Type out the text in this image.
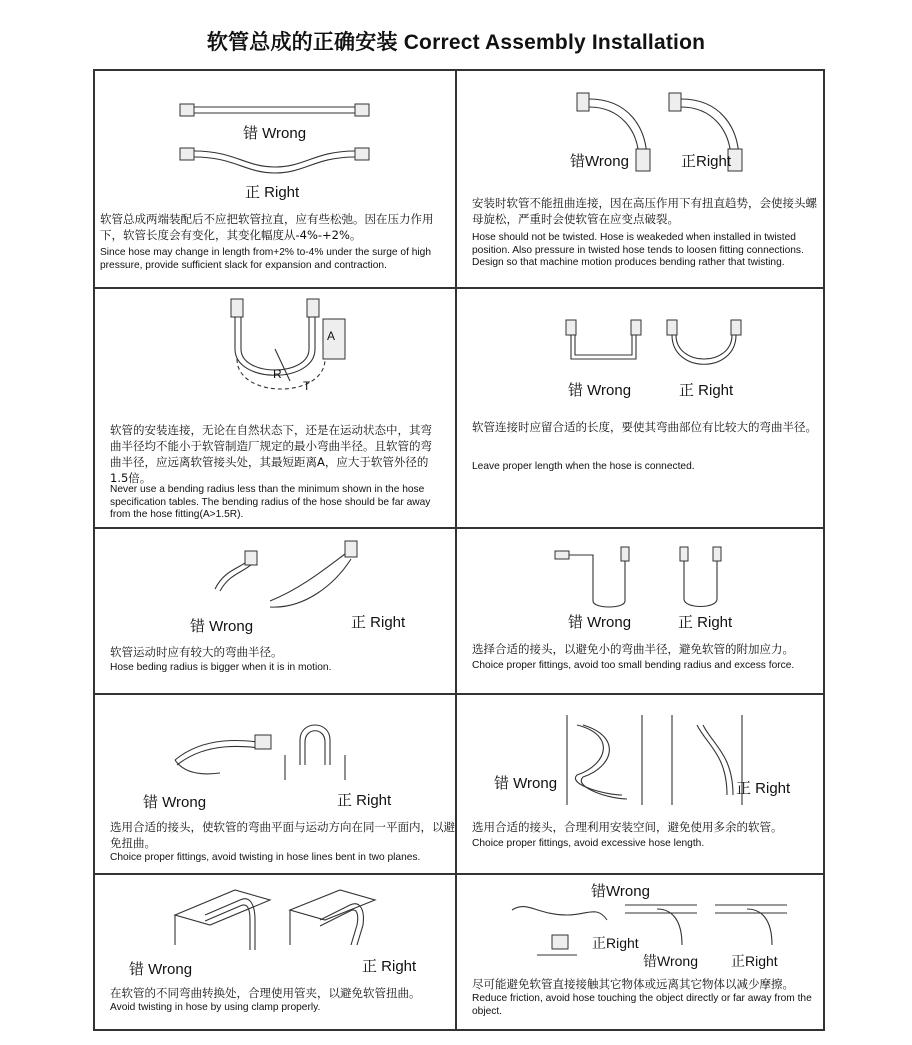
软管总成的正确安装 Correct Assembly Installation
错 Wrong
正 Right
软管总成两端装配后不应把软管拉直，应有些松弛。因在压力作用下，软管长度会有变化，其变化幅度从-4%-+2%。
Since hose may change in length from+2% to-4% under the surge of high pressure, provide sufficient slack for expansion and contraction.
错Wrong	正Right
安装时软管不能扭曲连接，因在高压作用下有扭直趋势，会使接头螺母旋松，严重时会使软管在应变点破裂。
Hose should not be twisted. Hose is weakeded when installed in twisted position. Also pressure in twisted hose tends to loosen fitting connections. Design so that machine motion produces bending rather that twisting.
A
R
T
软管的安装连接，无论在自然状态下，还是在运动状态中，其弯曲半径均不能小于软管制造厂规定的最小弯曲半径。且软管的弯曲半径，应远离软管接头处，其最短距离A，应大于软管外径的1.5倍。
Never use a bending radius less than the minimum shown in the hose specification tables. The bending radius of the hose should be far away from the hose fitting(A>1.5R).
错 Wrong	正 Right
软管连接时应留合适的长度，要使其弯曲部位有比较大的弯曲半径。
Leave proper length when the hose is connected.
错 Wrong	正 Right
软管运动时应有较大的弯曲半径。
Hose beding radius is bigger when it is in motion.
错 Wrong	正 Right
选择合适的接头，以避免小的弯曲半径，避免软管的附加应力。
Choice proper fittings, avoid too small bending radius and excess force.
错 Wrong	正 Right
选用合适的接头，使软管的弯曲平面与运动方向在同一平面内，以避免扭曲。
Choice proper fittings, avoid twisting in hose lines bent in two planes.
错 Wrong	正 Right
选用合适的接头，合理利用安装空间，避免使用多余的软管。
Choice proper fittings, avoid excessive hose length.
错 Wrong	正 Right
在软管的不同弯曲转换处，合理使用管夹，以避免软管扭曲。
Avoid twisting in hose by using clamp properly.
错Wrong
正Right
错Wrong 正Right
尽可能避免软管直接接触其它物体或远离其它物体以减少摩擦。
Reduce friction, avoid hose touching the object directly or far away from the object.
